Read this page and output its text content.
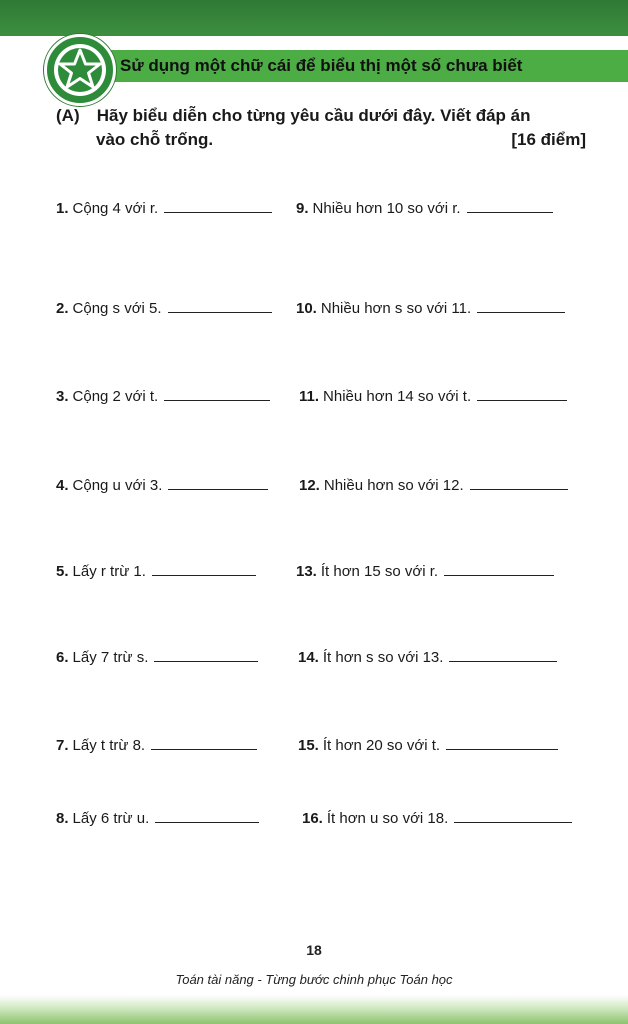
Sử dụng một chữ cái để biểu thị một số chưa biết
(A) Hãy biểu diễn cho từng yêu cầu dưới đây. Viết đáp án
vào chỗ trống.	[16 điểm]
1. Cộng 4 với r.
2. Cộng s với 5.
3. Cộng 2 với t.
4. Cộng u với 3.
5. Lấy r trừ 1.
6. Lấy 7 trừ s.
7. Lấy t trừ 8.
8. Lấy 6 trừ u.
9. Nhiều hơn 10 so với r.
10. Nhiều hơn s so với 11.
11. Nhiều hơn 14 so với t.
12. Nhiều hơn so với 12.
13. Ít hơn 15 so với r.
14. Ít hơn s so với 13.
15. Ít hơn 20 so với t.
16. Ít hơn u so với 18.
18
Toán tài năng - Từng bước chinh phục Toán học
